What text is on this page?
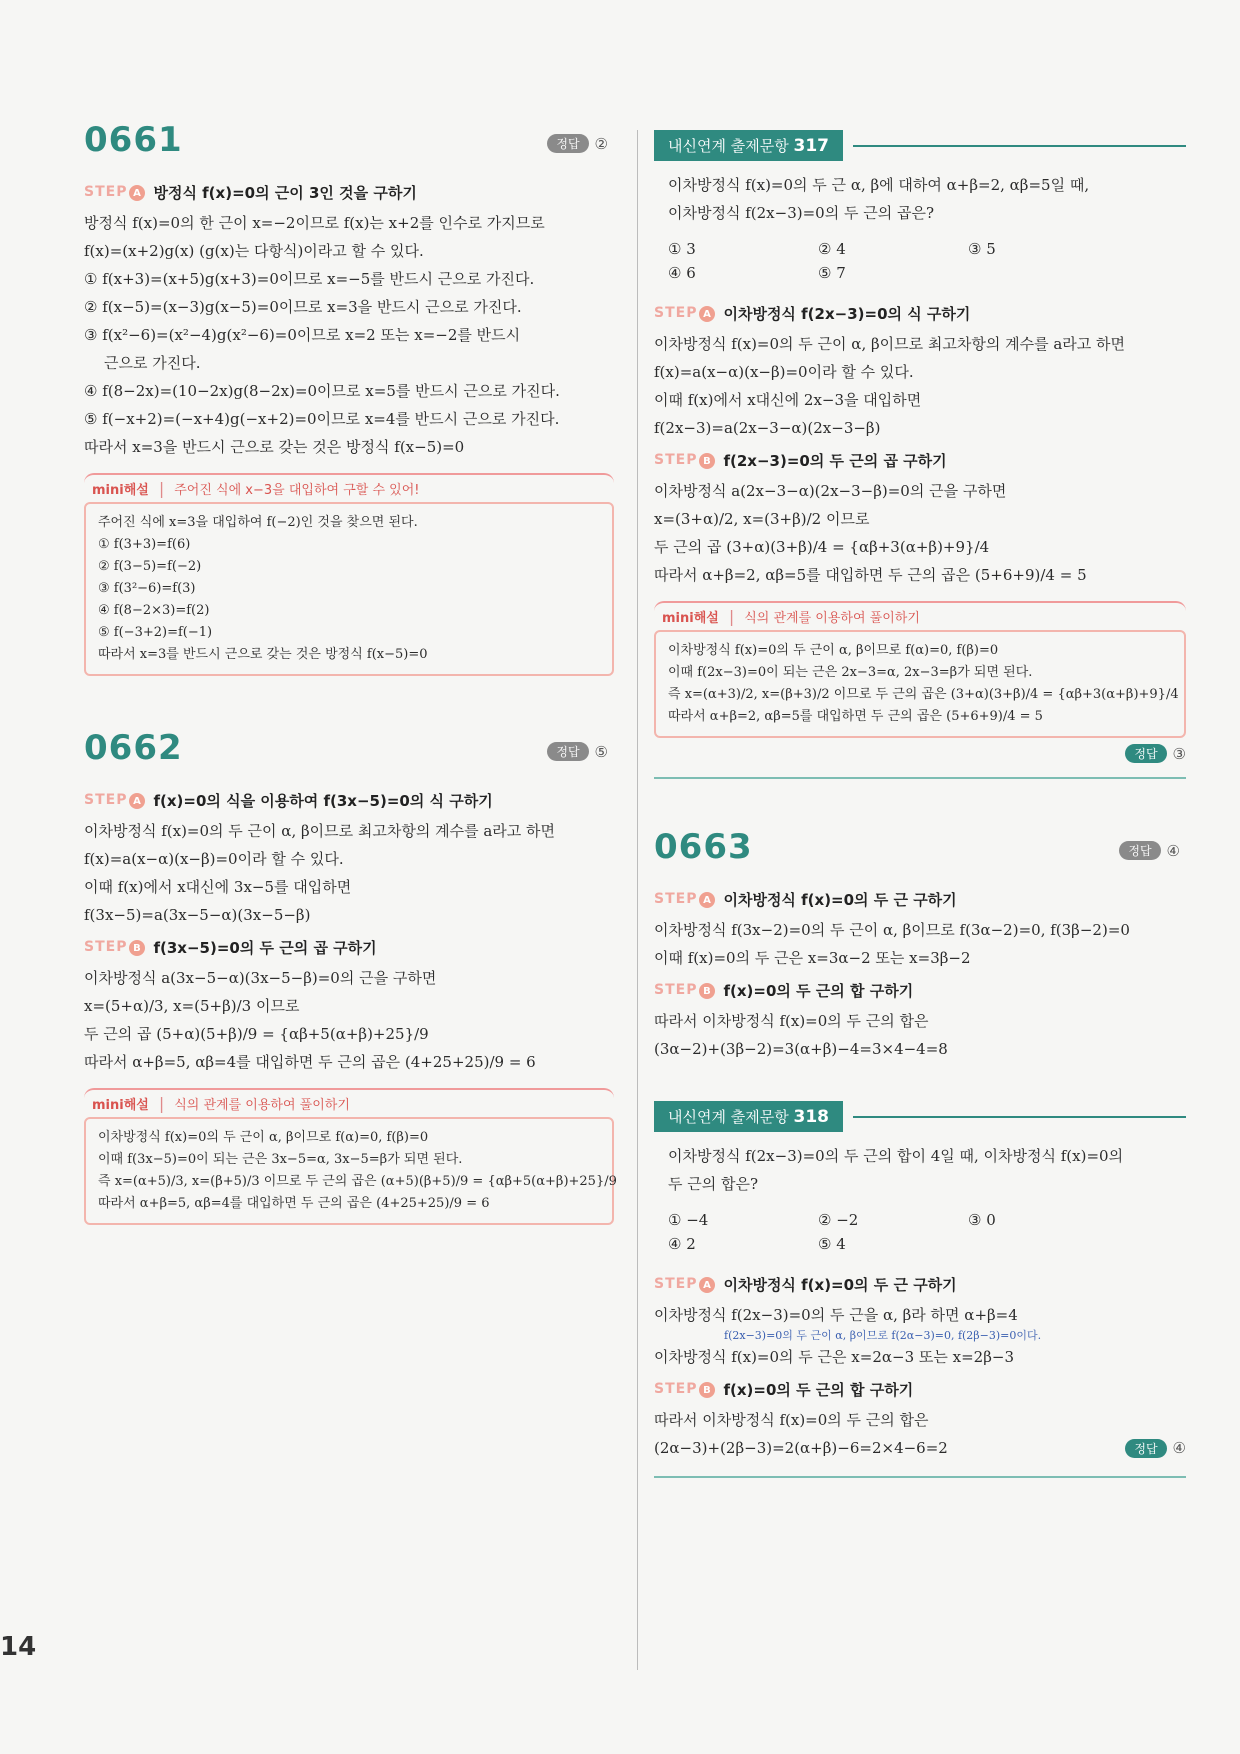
0661	정답	②
STEP A 방정식 f(x)=0의 근이 3인 것을 구하기
방정식 f(x)=0의 한 근이 x=−2이므로 f(x)는 x+2를 인수로 가지므로
f(x)=(x+2)g(x) (g(x)는 다항식)이라고 할 수 있다.
① f(x+3)=(x+5)g(x+3)=0이므로 x=−5를 반드시 근으로 가진다.
② f(x−5)=(x−3)g(x−5)=0이므로 x=3을 반드시 근으로 가진다.
③ f(x²−6)=(x²−4)g(x²−6)=0이므로 x=2 또는 x=−2를 반드시
근으로 가진다.
④ f(8−2x)=(10−2x)g(8−2x)=0이므로 x=5를 반드시 근으로 가진다.
⑤ f(−x+2)=(−x+4)g(−x+2)=0이므로 x=4를 반드시 근으로 가진다.
따라서 x=3을 반드시 근으로 갖는 것은 방정식 f(x−5)=0
mini해설 | 주어진 식에 x−3을 대입하여 구할 수 있어!
주어진 식에 x=3을 대입하여 f(−2)인 것을 찾으면 된다.
① f(3+3)=f(6)
② f(3−5)=f(−2)
③ f(3²−6)=f(3)
④ f(8−2×3)=f(2)
⑤ f(−3+2)=f(−1)
따라서 x=3를 반드시 근으로 갖는 것은 방정식 f(x−5)=0
0662	정답	⑤
STEP A f(x)=0의 식을 이용하여 f(3x−5)=0의 식 구하기
이차방정식 f(x)=0의 두 근이 α, β이므로 최고차항의 계수를 a라고 하면
f(x)=a(x−α)(x−β)=0이라 할 수 있다.
이때 f(x)에서 x대신에 3x−5를 대입하면
f(3x−5)=a(3x−5−α)(3x−5−β)
STEP B f(3x−5)=0의 두 근의 곱 구하기
이차방정식 a(3x−5−α)(3x−5−β)=0의 근을 구하면
x=(5+α)/3, x=(5+β)/3 이므로
두 근의 곱 (5+α)(5+β)/9 = {αβ+5(α+β)+25}/9
따라서 α+β=5, αβ=4를 대입하면 두 근의 곱은 (4+25+25)/9 = 6
mini해설 | 식의 관계를 이용하여 풀이하기
이차방정식 f(x)=0의 두 근이 α, β이므로 f(α)=0, f(β)=0
이때 f(3x−5)=0이 되는 근은 3x−5=α, 3x−5=β가 되면 된다.
즉 x=(α+5)/3, x=(β+5)/3 이므로 두 근의 곱은 (α+5)(β+5)/9 = {αβ+5(α+β)+25}/9
따라서 α+β=5, αβ=4를 대입하면 두 근의 곱은 (4+25+25)/9 = 6
내신연계 출제문항 317
이차방정식 f(x)=0의 두 근 α, β에 대하여 α+β=2, αβ=5일 때,
이차방정식 f(2x−3)=0의 두 근의 곱은?
① 3	② 4	③ 5
④ 6	⑤ 7
STEP A 이차방정식 f(2x−3)=0의 식 구하기
이차방정식 f(x)=0의 두 근이 α, β이므로 최고차항의 계수를 a라고 하면
f(x)=a(x−α)(x−β)=0이라 할 수 있다.
이때 f(x)에서 x대신에 2x−3을 대입하면
f(2x−3)=a(2x−3−α)(2x−3−β)
STEP B f(2x−3)=0의 두 근의 곱 구하기
이차방정식 a(2x−3−α)(2x−3−β)=0의 근을 구하면
x=(3+α)/2, x=(3+β)/2 이므로
두 근의 곱 (3+α)(3+β)/4 = {αβ+3(α+β)+9}/4
따라서 α+β=2, αβ=5를 대입하면 두 근의 곱은 (5+6+9)/4 = 5
mini해설 | 식의 관계를 이용하여 풀이하기
이차방정식 f(x)=0의 두 근이 α, β이므로 f(α)=0, f(β)=0
이때 f(2x−3)=0이 되는 근은 2x−3=α, 2x−3=β가 되면 된다.
즉 x=(α+3)/2, x=(β+3)/2 이므로 두 근의 곱은 (3+α)(3+β)/4 = {αβ+3(α+β)+9}/4
따라서 α+β=2, αβ=5를 대입하면 두 근의 곱은 (5+6+9)/4 = 5
정답	③
0663	정답	④
STEP A 이차방정식 f(x)=0의 두 근 구하기
이차방정식 f(3x−2)=0의 두 근이 α, β이므로 f(3α−2)=0, f(3β−2)=0
이때 f(x)=0의 두 근은 x=3α−2 또는 x=3β−2
STEP B f(x)=0의 두 근의 합 구하기
따라서 이차방정식 f(x)=0의 두 근의 합은
(3α−2)+(3β−2)=3(α+β)−4=3×4−4=8
내신연계 출제문항 318
이차방정식 f(2x−3)=0의 두 근의 합이 4일 때, 이차방정식 f(x)=0의
두 근의 합은?
① −4	② −2	③ 0
④ 2	⑤ 4
STEP A 이차방정식 f(x)=0의 두 근 구하기
이차방정식 f(2x−3)=0의 두 근을 α, β라 하면 α+β=4
f(2x−3)=0의 두 근이 α, β이므로 f(2α−3)=0, f(2β−3)=0이다.
이차방정식 f(x)=0의 두 근은 x=2α−3 또는 x=2β−3
STEP B f(x)=0의 두 근의 합 구하기
따라서 이차방정식 f(x)=0의 두 근의 합은
(2α−3)+(2β−3)=2(α+β)−6=2×4−6=2	정답	④
14
